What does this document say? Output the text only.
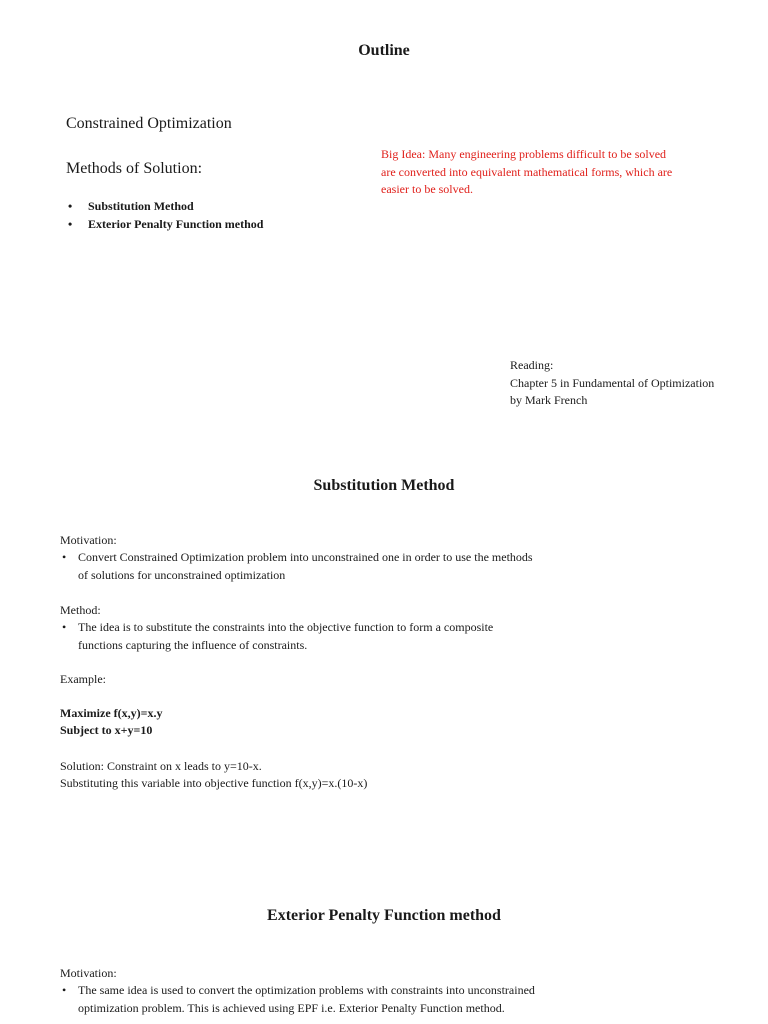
Outline
Constrained Optimization
Methods of Solution:
• Substitution Method
• Exterior Penalty Function method
Big Idea: Many engineering problems difficult to be solved
are converted into equivalent mathematical forms, which are
easier to be solved.
Reading:
Chapter 5 in Fundamental of Optimization
by Mark French
Substitution Method
Motivation:
• Convert Constrained Optimization problem into unconstrained one in order to use the methods
of solutions for unconstrained optimization
Method:
• The idea is to substitute the constraints into the objective function to form a composite
functions capturing the influence of constraints.
Example:
Maximize f(x,y)=x.y
Subject to x+y=10
Solution: Constraint on x leads to y=10-x.
Substituting this variable into objective function f(x,y)=x.(10-x)
Exterior Penalty Function method
Motivation:
• The same idea is used to convert the optimization problems with constraints into unconstrained
optimization problem. This is achieved using EPF i.e. Exterior Penalty Function method.
